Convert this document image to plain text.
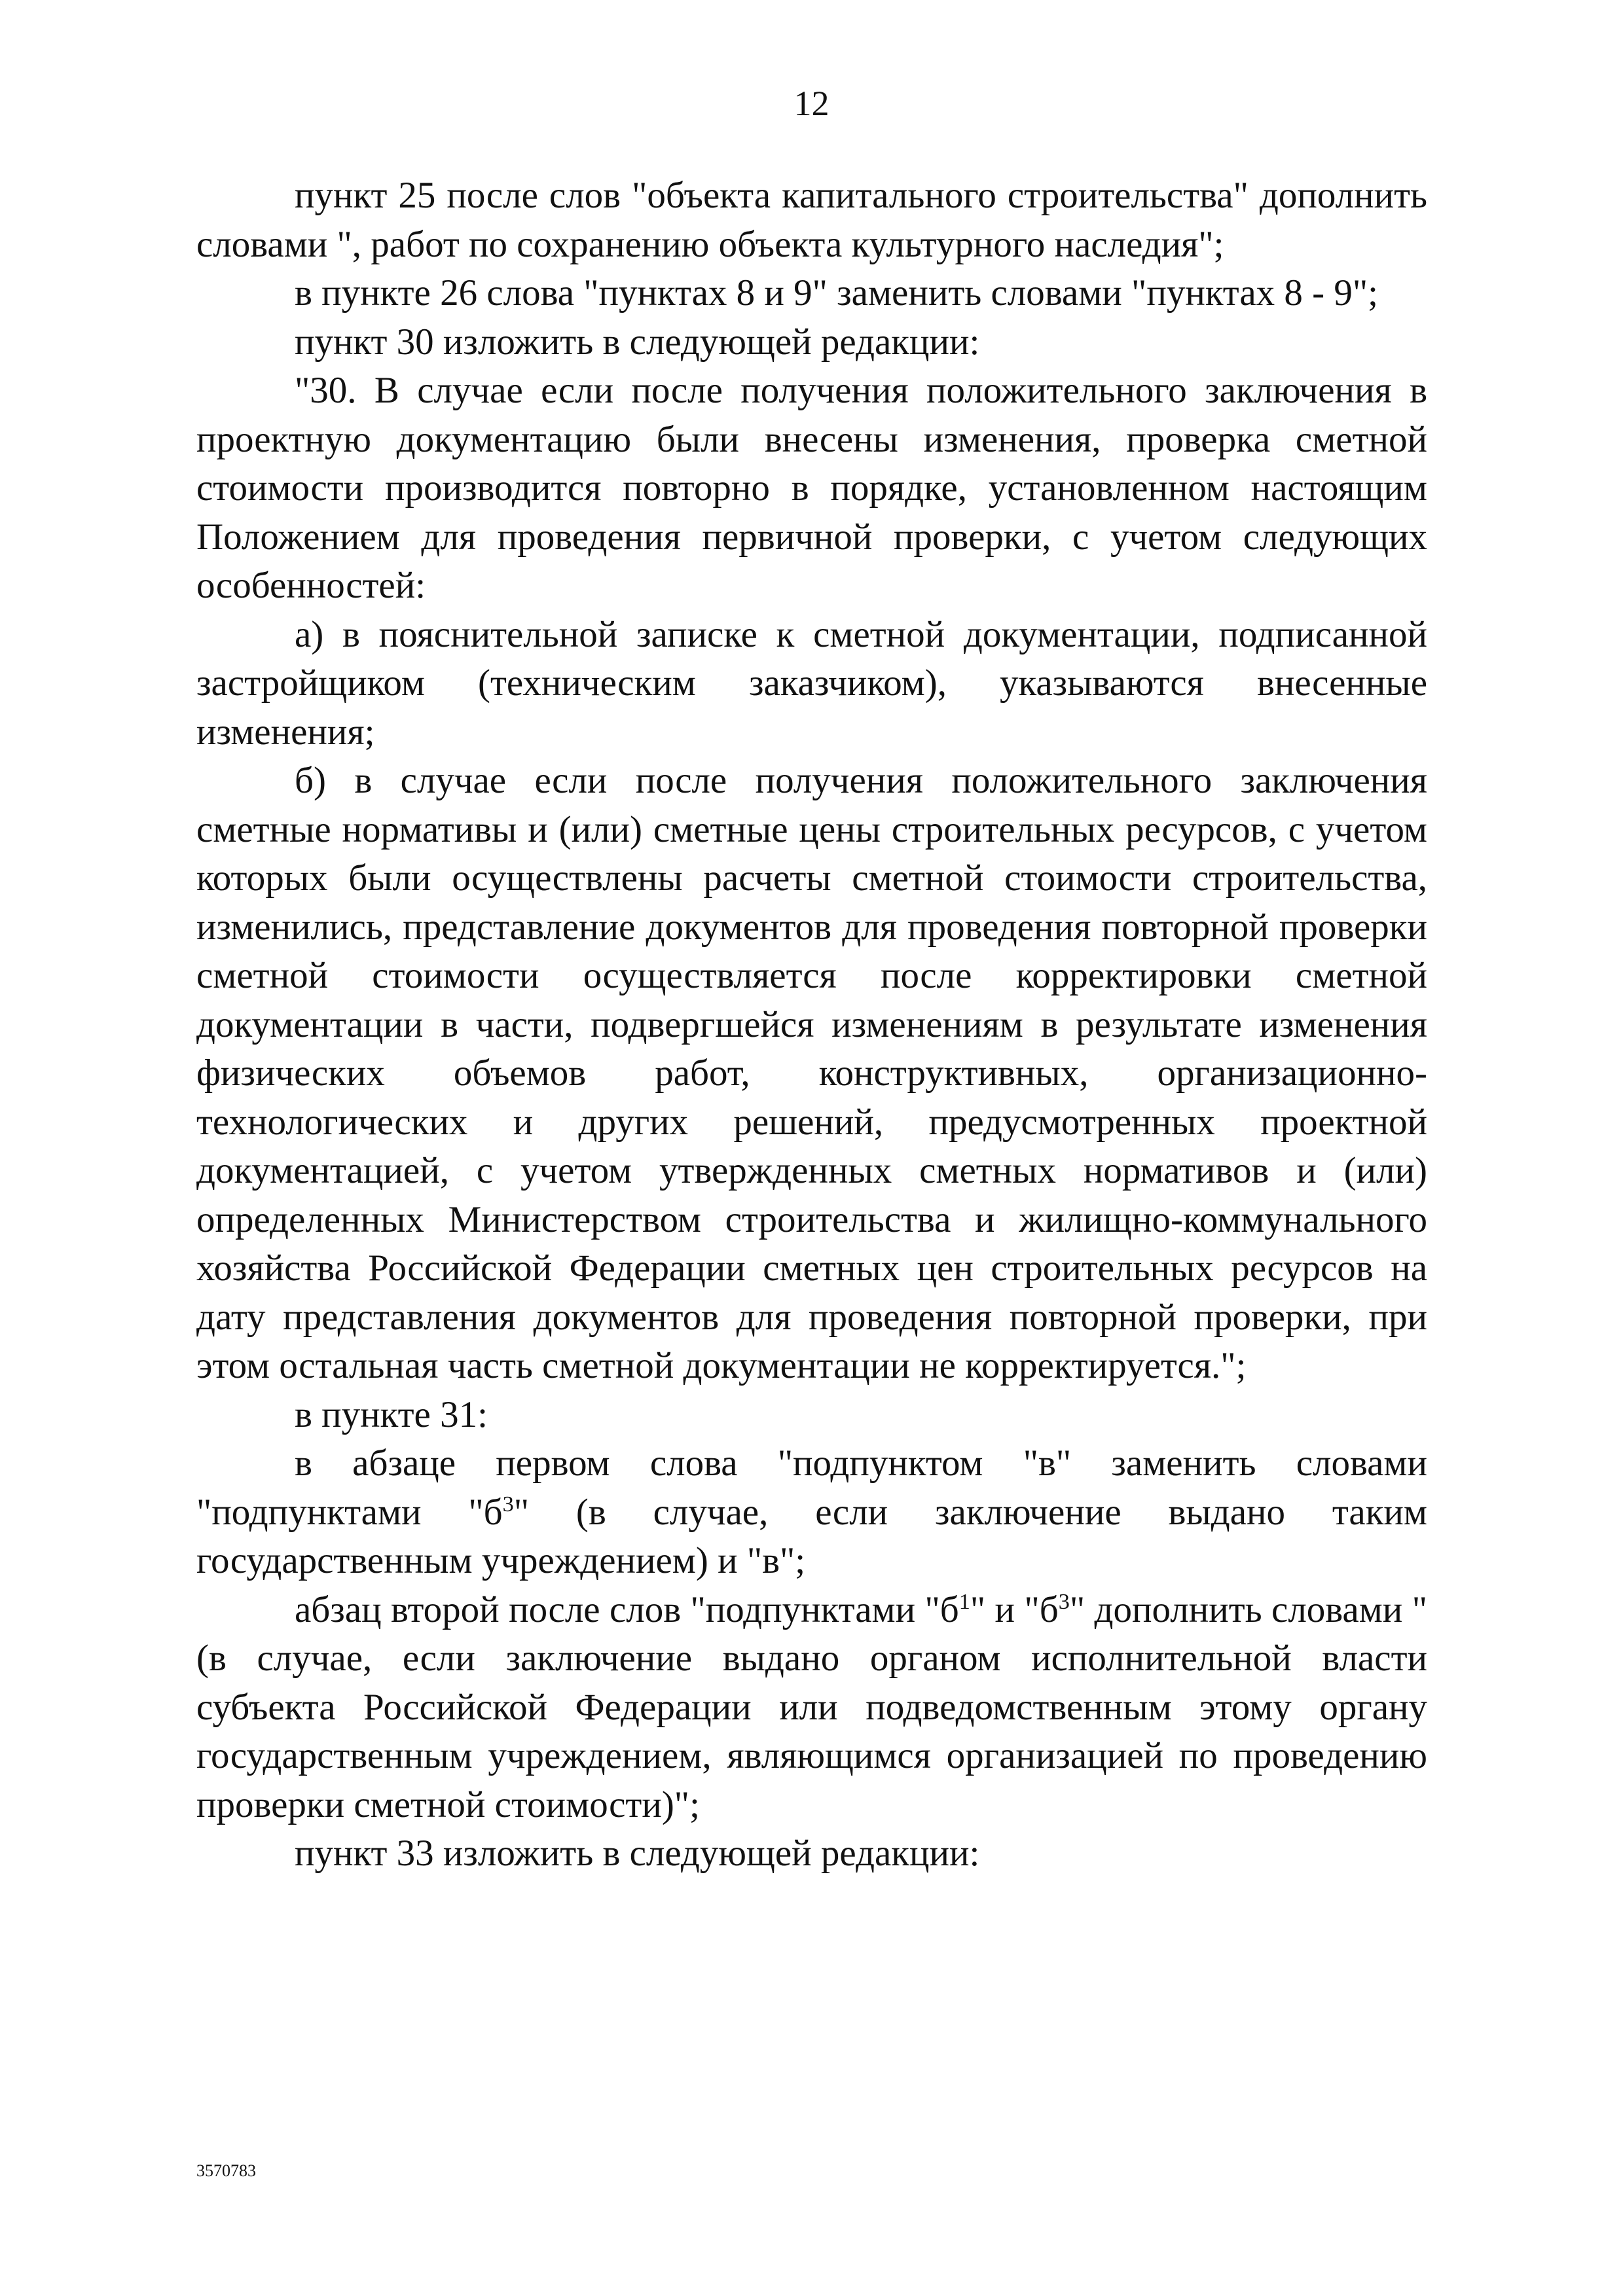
12

пункт 25 после слов "объекта капитального строительства" дополнить словами ", работ по сохранению объекта культурного наследия";

в пункте 26 слова "пунктах 8 и 9" заменить словами "пунктах 8 - 9";

пункт 30 изложить в следующей редакции:

"30. В случае если после получения положительного заключения в проектную документацию были внесены изменения, проверка сметной стоимости производится повторно в порядке, установленном настоящим Положением для проведения первичной проверки, с учетом следующих особенностей:

а) в пояснительной записке к сметной документации, подписанной застройщиком (техническим заказчиком), указываются внесенные изменения;

б) в случае если после получения положительного заключения сметные нормативы и (или) сметные цены строительных ресурсов, с учетом которых были осуществлены расчеты сметной стоимости строительства, изменились, представление документов для проведения повторной проверки сметной стоимости осуществляется после корректировки сметной документации в части, подвергшейся изменениям в результате изменения физических объемов работ, конструктивных, организационно-технологических и других решений, предусмотренных проектной документацией, с учетом утвержденных сметных нормативов и (или) определенных Министерством строительства и жилищно-коммунального хозяйства Российской Федерации сметных цен строительных ресурсов на дату представления документов для проведения повторной проверки, при этом остальная часть сметной документации не корректируется.";

в пункте 31:

в абзаце первом слова "подпунктом "в" заменить словами "подпунктами "$б^3$" (в случае, если заключение выдано таким государственным учреждением) и "в";

абзац второй после слов "подпунктами "$б^1$" и "$б^3$" дополнить словами "(в случае, если заключение выдано органом исполнительной власти субъекта Российской Федерации или подведомственным этому органу государственным учреждением, являющимся организацией по проведению проверки сметной стоимости)";

пункт 33 изложить в следующей редакции:

3570783
